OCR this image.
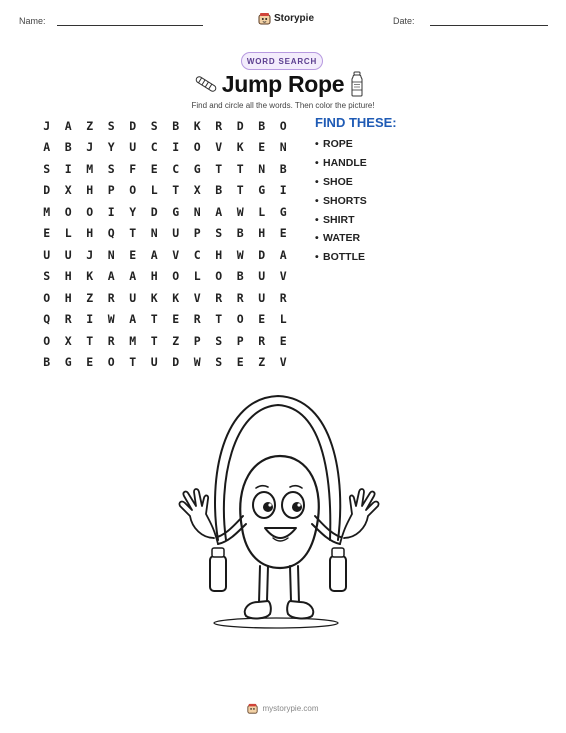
Name:	Storypie	Date:
WORD SEARCH
Jump Rope
Find and circle all the words. Then color the picture!
J	A	Z	S	D	S	B	K	R	D	B	O
A	B	J	Y	U	C	I	O	V	K	E	N
S	I	M	S	F	E	C	G	T	T	N	B
D	X	H	P	O	L	T	X	B	T	G	I
M	O	O	I	Y	D	G	N	A	W	L	G
E	L	H	Q	T	N	U	P	S	B	H	E
U	U	J	N	E	A	V	C	H	W	D	A
S	H	K	A	A	H	O	L	O	B	U	V
O	H	Z	R	U	K	K	V	R	R	U	R
Q	R	I	W	A	T	E	R	T	O	E	L
O	X	T	R	M	T	Z	P	S	P	R	E
B	G	E	O	T	U	D	W	S	E	Z	V
FIND THESE:
• ROPE
• HANDLE
• SHOE
• SHORTS
• SHIRT
• WATER
• BOTTLE
mystorypie.com
